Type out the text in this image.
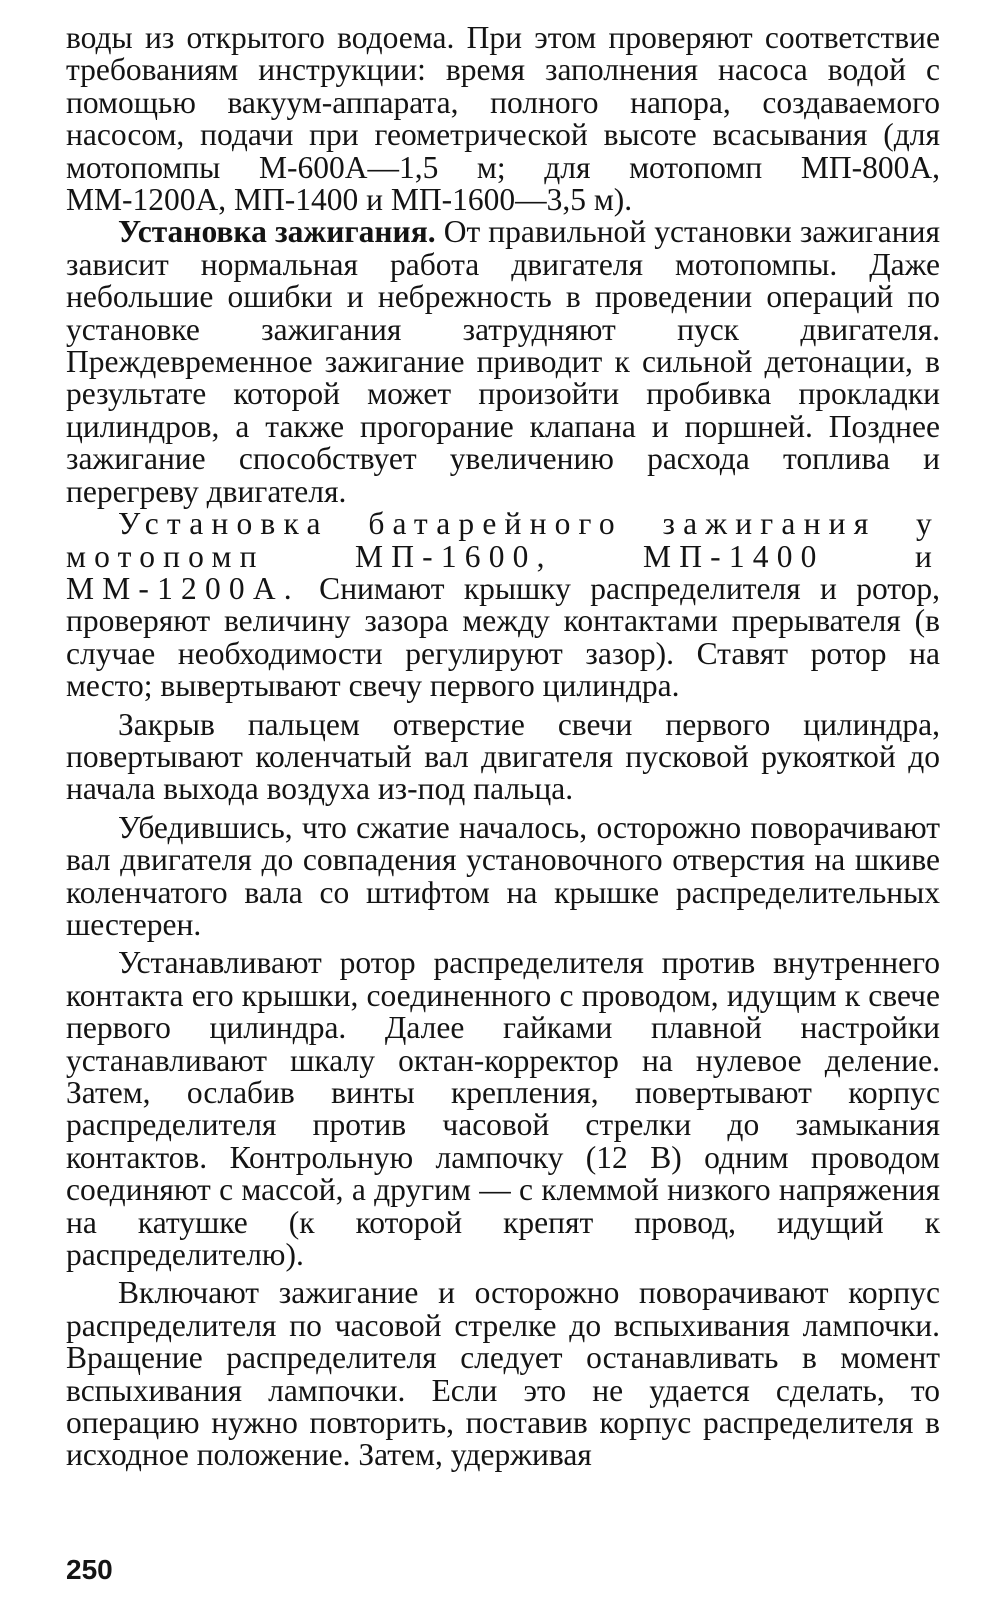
воды из открытого водоема. При этом проверяют соответствие требованиям инструкции: время заполнения насоса водой с помощью вакуум-аппарата, полного напора, создаваемого насосом, подачи при геометрической высоте всасывания (для мотопомпы М-600А—1,5 м; для мотопомп МП-800А, ММ-1200А, МП-1400 и МП-1600—3,5 м).

Установка зажигания. От правильной установки зажигания зависит нормальная работа двигателя мотопомпы. Даже небольшие ошибки и небрежность в проведении операций по установке зажигания затрудняют пуск двигателя. Преждевременное зажигание приводит к сильной детонации, в результате которой может произойти пробивка прокладки цилиндров, а также прогорание клапана и поршней. Позднее зажигание способствует увеличению расхода топлива и перегреву двигателя.

Установка батарейного зажигания у мотопомп МП-1600, МП-1400 и ММ-1200А. Снимают крышку распределителя и ротор, проверяют величину зазора между контактами прерывателя (в случае необходимости регулируют зазор). Ставят ротор на место; вывертывают свечу первого цилиндра.

Закрыв пальцем отверстие свечи первого цилиндра, повертывают коленчатый вал двигателя пусковой рукояткой до начала выхода воздуха из-под пальца.

Убедившись, что сжатие началось, осторожно поворачивают вал двигателя до совпадения установочного отверстия на шкиве коленчатого вала со штифтом на крышке распределительных шестерен.

Устанавливают ротор распределителя против внутреннего контакта его крышки, соединенного с проводом, идущим к свече первого цилиндра. Далее гайками плавной настройки устанавливают шкалу октан-корректор на нулевое деление. Затем, ослабив винты крепления, повертывают корпус распределителя против часовой стрелки до замыкания контактов. Контрольную лампочку (12 В) одним проводом соединяют с массой, а другим — с клеммой низкого напряжения на катушке (к которой крепят провод, идущий к распределителю).

Включают зажигание и осторожно поворачивают корпус распределителя по часовой стрелке до вспыхивания лампочки. Вращение распределителя следует останавливать в момент вспыхивания лампочки. Если это не удается сделать, то операцию нужно повторить, поставив корпус распределителя в исходное положение. Затем, удерживая

250
